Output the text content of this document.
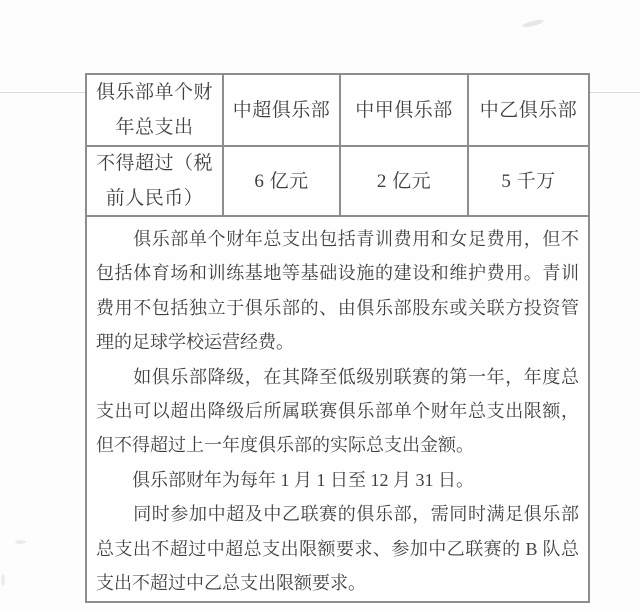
俱乐部单个财
年总支出
中超俱乐部 中甲俱乐部 中乙俱乐部
不得超过（税
前人民币）
6 亿元	2 亿元	5 千万
　　俱乐部单个财年总支出包括青训费用和女足费用，但不
包括体育场和训练基地等基础设施的建设和维护费用。青训
费用不包括独立于俱乐部的、由俱乐部股东或关联方投资管
理的足球学校运营经费。
　　如俱乐部降级，在其降至低级别联赛的第一年，年度总
支出可以超出降级后所属联赛俱乐部单个财年总支出限额，
但不得超过上一年度俱乐部的实际总支出金额。
　　俱乐部财年为每年 1 月 1 日至 12 月 31 日。
　　同时参加中超及中乙联赛的俱乐部，需同时满足俱乐部
总支出不超过中超总支出限额要求、参加中乙联赛的 B 队总
支出不超过中乙总支出限额要求。
